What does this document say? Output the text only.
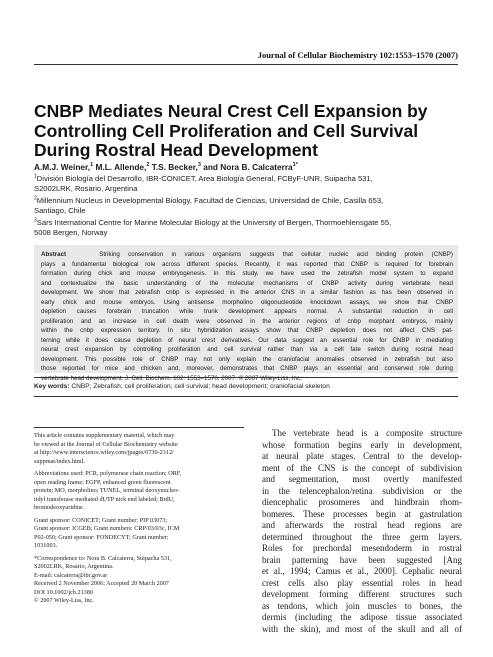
Journal of Cellular Biochemistry 102:1553–1570 (2007)
CNBP Mediates Neural Crest Cell Expansion by
Controlling Cell Proliferation and Cell Survival
During Rostral Head Development
A.M.J. Weiner,$^1$ M.L. Allende,$^2$ T.S. Becker,$^3$ and Nora B. Calcaterra$^{1*}$
$^1$División Biología del Desarrollo, IBR-CONICET, Area Biología General, FCByF-UNR, Suipacha 531,
S2002LRK, Rosario, Argentina
$^2$Millennium Nucleus in Developmental Biology, Facultad de Ciencias, Universidad de Chile, Casilla 653,
Santiago, Chile
$^3$Sars International Centre for Marine Molecular Biology at the University of Bergen, Thormoehlensgate 55,
5008 Bergen, Norway
Abstract	Striking conservation in various organisms suggests that cellular nucleic acid binding protein (CNBP)
plays a fundamental biological role across different species. Recently, it was reported that CNBP is required for forebrain
formation during chick and mouse embryogenesis. In this study, we have used the zebrafish model system to expand
and contextualize the basic understanding of the molecular mechanisms of CNBP activity during vertebrate head
development. We show that zebrafish cnbp is expressed in the anterior CNS in a similar fashion as has been observed in
early chick and mouse embryos. Using antisense morpholino oligonucleotide knockdown assays, we show that CNBP
depletion causes forebrain truncation while trunk development appears normal. A substantial reduction in cell
proliferation and an increase in cell death were observed in the anterior regions of cnbp morphant embryos, mainly
within the cnbp expression territory. In situ hybridization assays show that CNBP depletion does not affect CNS pat-
terning while it does cause depletion of neural crest derivatives. Our data suggest an essential role for CNBP in mediating
neural crest expansion by controlling proliferation and cell survival rather than via a cell fate switch during rostral head
development. This possible role of CNBP may not only explain the craniofacial anomalies observed in zebrafish but also
those reported for mice and chicken and, moreover, demonstrates that CNBP plays an essential and conserved role during
vertebrate head development. J. Cell. Biochem. 102: 1553–1570, 2007. © 2007 Wiley-Liss, Inc.
Key words: CNBP; Zebrafish; cell proliferation; cell survival; head development; craniofacial skeleton
This article contains supplementary material, which may
be viewed at the Journal of Cellular Biochemistry website
at http://www.interscience.wiley.com/jpages/0730-2312/
suppmat/index.html.
Abbreviations used: PCR, polymerase chain reaction; ORF,
open reading frame; EGFP, enhanced green fluorescent
protein; MO, morpholino; TUNEL, terminal deoxynucleo-
tidyl transferase mediated dUTP nick end labeled; BrdU,
bromodeoxyuridine.
Grant sponsor: CONICET; Grant number: PIP 03073;
Grant sponsor: ICGEB; Grant numbers: CRP/03/03c, ICM
P02-050; Grant sponsor: FONDECYT; Grant number:
1031003.
*Correspondence to: Nora B. Calcaterra, Suipacha 531,
S2002LRK, Rosario, Argentina.
E-mail: calcaterra@ibr.gov.ar
Received 2 November 2006; Accepted 20 March 2007
DOI 10.1002/jcb.21380
© 2007 Wiley-Liss, Inc.
The vertebrate head is a composite structure
whose formation begins early in development,
at neural plate stages. Central to the develop-
ment of the CNS is the concept of subdivision
and segmentation, most overtly manifested
in the telencephalon/retina subdivision or the
diencephalic prosomeres and hindbrain rhom-
bomeres. These processes begin at gastrulation
and afterwards the rostral head regions are
determined throughout the three germ layers.
Roles for prechordal mesendoderm in rostral
brain patterning have been suggested [Ang
et al., 1994; Camus et al., 2000]. Cephalic neural
crest cells also play essential roles in head
development forming different structures such
as tendons, which join muscles to bones, the
dermis (including the adipose tissue associated
with the skin), and most of the skull and all of
